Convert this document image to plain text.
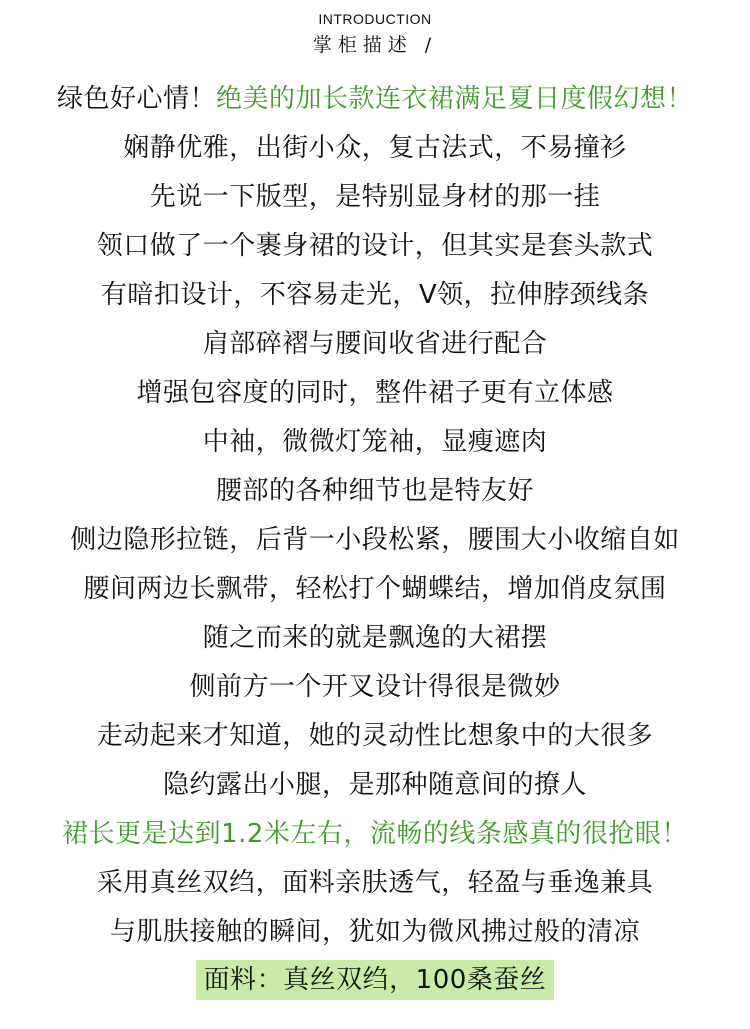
INTRODUCTION
掌柜描述 /
绿色好心情！绝美的加长款连衣裙满足夏日度假幻想！
娴静优雅，出街小众，复古法式，不易撞衫
先说一下版型，是特别显身材的那一挂
领口做了一个裹身裙的设计，但其实是套头款式
有暗扣设计，不容易走光，V领，拉伸脖颈线条
肩部碎褶与腰间收省进行配合
增强包容度的同时，整件裙子更有立体感
中袖，微微灯笼袖，显瘦遮肉
腰部的各种细节也是特友好
侧边隐形拉链，后背一小段松紧，腰围大小收缩自如
腰间两边长飘带，轻松打个蝴蝶结，增加俏皮氛围
随之而来的就是飘逸的大裙摆
侧前方一个开叉设计得很是微妙
走动起来才知道，她的灵动性比想象中的大很多
隐约露出小腿，是那种随意间的撩人
裙长更是达到1.2米左右，流畅的线条感真的很抢眼！
采用真丝双绉，面料亲肤透气，轻盈与垂逸兼具
与肌肤接触的瞬间，犹如为微风拂过般的清凉
面料：真丝双绉，100桑蚕丝
